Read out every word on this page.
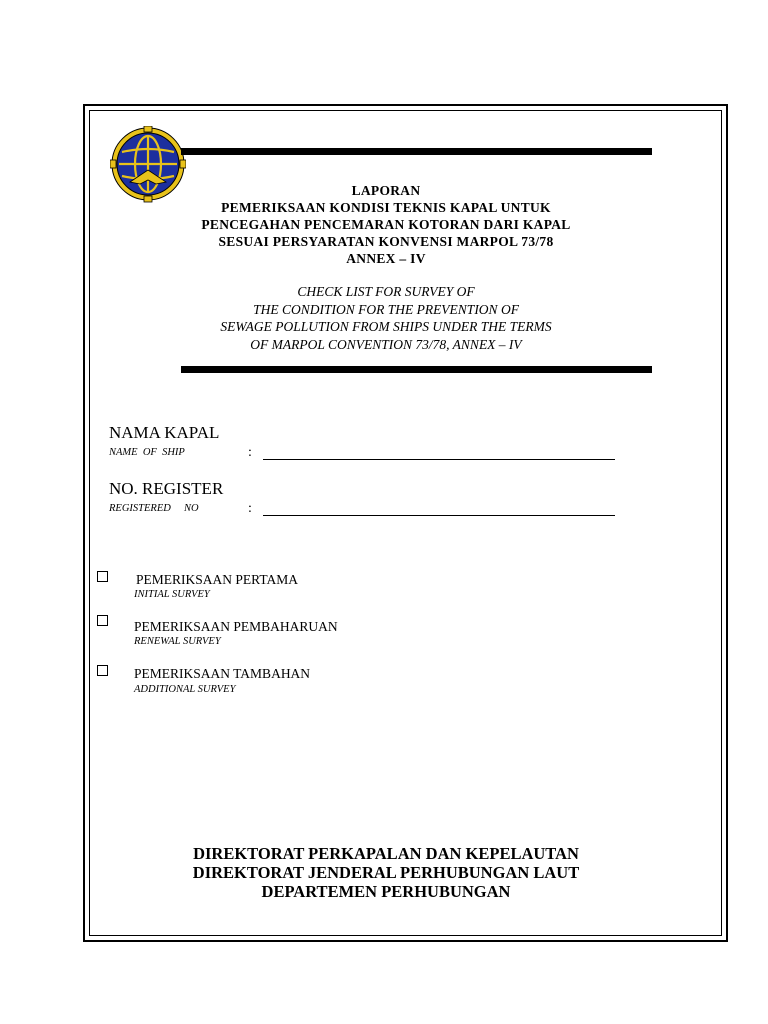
LAPORAN
PEMERIKSAAN KONDISI TEKNIS KAPAL UNTUK
PENCEGAHAN PENCEMARAN KOTORAN DARI KAPAL
SESUAI PERSYARATAN KONVENSI MARPOL 73/78
ANNEX – IV
CHECK LIST FOR SURVEY OF
THE CONDITION FOR THE PREVENTION OF
SEWAGE POLLUTION FROM SHIPS UNDER THE TERMS
OF MARPOL CONVENTION 73/78, ANNEX – IV
NAMA KAPAL
NAME  OF  SHIP	:
NO. REGISTER
REGISTERED     NO	:
PEMERIKSAAN PERTAMA
INITIAL SURVEY
PEMERIKSAAN PEMBAHARUAN
RENEWAL SURVEY
PEMERIKSAAN TAMBAHAN
ADDITIONAL SURVEY
DIREKTORAT PERKAPALAN DAN KEPELAUTAN
DIREKTORAT JENDERAL PERHUBUNGAN LAUT
DEPARTEMEN PERHUBUNGAN
